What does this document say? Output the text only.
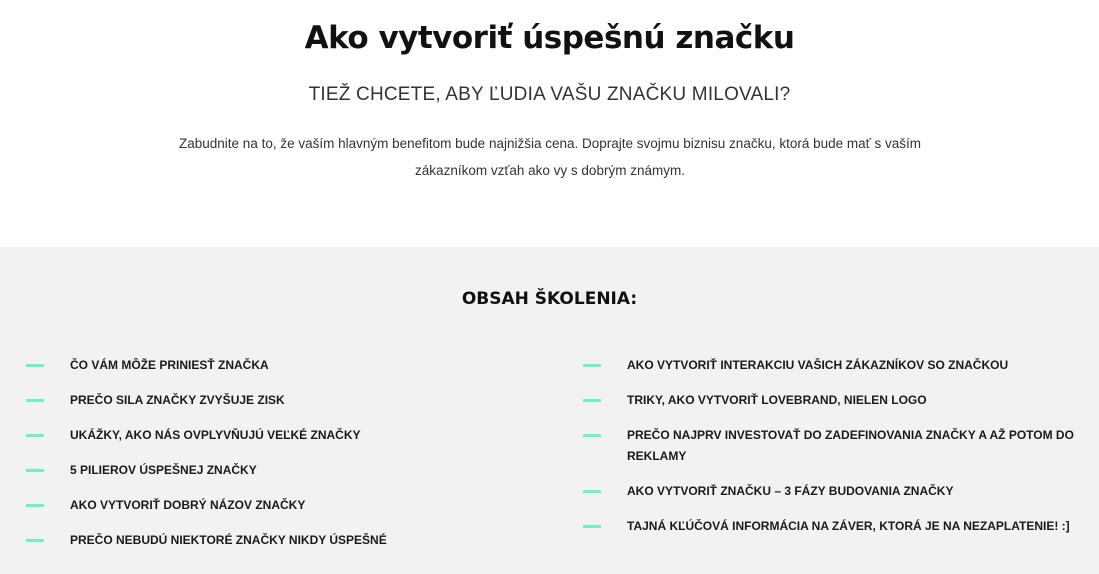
Ako vytvoriť úspešnú značku
TIEŽ CHCETE, ABY ĽUDIA VAŠU ZNAČKU MILOVALI?
Zabudnite na to, že vaším hlavným benefitom bude najnižšia cena. Doprajte svojmu biznisu značku, ktorá bude mať s vaším zákazníkom vzťah ako vy s dobrým známym.
OBSAH ŠKOLENIA:
ČO VÁM MÔŽE PRINIESŤ ZNAČKA
PREČO SILA ZNAČKY ZVYŠUJE ZISK
UKÁŽKY, AKO NÁS OVPLYVŇUJÚ VEĽKÉ ZNAČKY
5 PILIEROV ÚSPEŠNEJ ZNAČKY
AKO VYTVORIŤ DOBRÝ NÁZOV ZNAČKY
PREČO NEBUDÚ NIEKTORÉ ZNAČKY NIKDY ÚSPEŠNÉ
AKO VYTVORIŤ INTERAKCIU VAŠICH ZÁKAZNÍKOV SO ZNAČKOU
TRIKY, AKO VYTVORIŤ LOVEBRAND, NIELEN LOGO
PREČO NAJPRV INVESTOVAŤ DO ZADEFINOVANIA ZNAČKY A AŽ POTOM DO REKLAMY
AKO VYTVORIŤ ZNAČKU – 3 FÁZY BUDOVANIA ZNAČKY
TAJNÁ KĽÚČOVÁ INFORMÁCIA NA ZÁVER, KTORÁ JE NA NEZAPLATENIE! :]
